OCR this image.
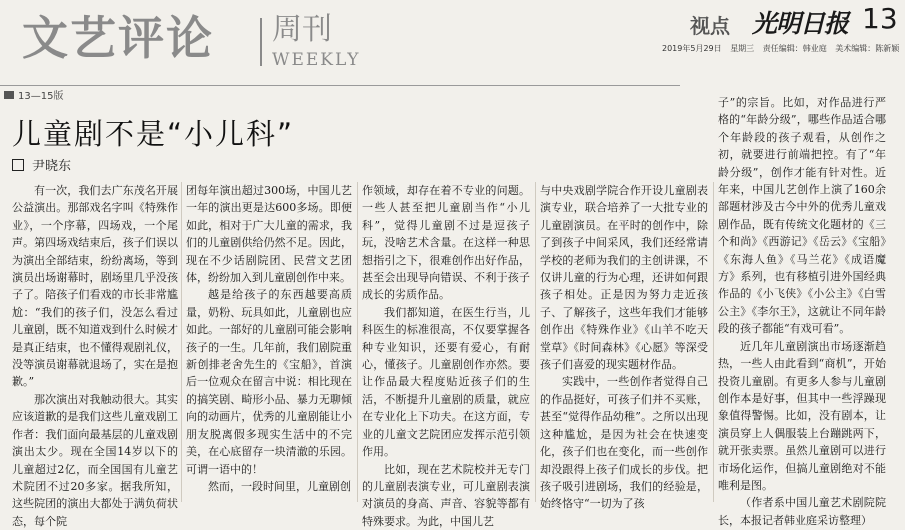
文艺评论 周刊
WEEKLY
视点 光明日报 13
2019年5月29日 星期三 责任编辑：韩业庭 美术编辑：陈新颖
13—15版
儿童剧不是“小儿科”
尹晓东

有一次，我们去广东茂名开展公益演出。那部戏名字叫《特殊作业》，一个序幕，四场戏，一个尾声。第四场戏结束后，孩子们误以为演出全部结束，纷纷离场，等到演员出场谢幕时，剧场里几乎没孩子了。陪孩子们看戏的市长非常尴尬：“我们的孩子们，没怎么看过儿童剧，既不知道戏到什么时候才是真正结束，也不懂得观剧礼仪，没等演员谢幕就退场了，实在是抱歉。”

那次演出对我触动很大。其实应该道歉的是我们这些儿童戏剧工作者：我们面向最基层的儿童戏剧演出太少。现在全国14岁以下的儿童超过2亿，而全国国有儿童艺术院团不过20多家。据我所知，这些院团的演出大都处于满负荷状态，每个院

团每年演出超过300场，中国儿艺一年的演出更是达600多场。即便如此，相对于广大儿童的需求，我们的儿童剧供给仍然不足。因此，现在不少话剧院团、民营文艺团体，纷纷加入到儿童剧创作中来。

越是给孩子的东西越要高质量，奶粉、玩具如此，儿童剧也应如此。一部好的儿童剧可能会影响孩子的一生。几年前，我们剧院重新创排老舍先生的《宝船》，首演后一位观众在留言中说：相比现在的搞笑剧、畸形小品、暴力无聊倾向的动画片，优秀的儿童剧能让小朋友脱离假多现实生活中的不完美，在心底留存一块清澈的乐园。可谓一语中的！

然而，一段时间里，儿童剧创

作领域，却存在着不专业的问题。一些人甚至把儿童剧当作“小儿科”，觉得儿童剧不过是逗孩子玩，没啥艺术含量。在这样一种思想指引之下，很难创作出好作品，甚至会出现导向错误、不利于孩子成长的劣质作品。

我们都知道，在医生行当，儿科医生的标准很高，不仅要掌握各种专业知识，还要有爱心，有耐心，懂孩子。儿童剧创作亦然。要让作品最大程度贴近孩子们的生活，不断提升儿童剧的质量，就应在专业化上下功夫。在这方面，专业的儿童文艺院团应发挥示范引领作用。

比如，现在艺术院校并无专门的儿童剧表演专业，可儿童剧表演对演员的身高、声音、容貌等都有特殊要求。为此，中国儿艺

与中央戏剧学院合作开设儿童剧表演专业，联合培养了一大批专业的儿童剧演员。在平时的创作中，除了到孩子中间采风，我们还经常请学校的老师为我们的主创讲课，不仅讲儿童的行为心理，还讲如何跟孩子相处。正是因为努力走近孩子、了解孩子，这些年我们才能够创作出《特殊作业》《山羊不吃天堂草》《时间森林》《心愿》等深受孩子们喜爱的现实题材作品。

实践中，一些创作者觉得自己的作品挺好，可孩子们并不买账，甚至“觉得作品幼稚”。之所以出现这种尴尬，是因为社会在快速变化，孩子们也在变化，而一些创作却没跟得上孩子们成长的步伐。把孩子吸引进剧场，我们的经验是，始终恪守“一切为了孩

子”的宗旨。比如，对作品进行严格的“年龄分级”，哪些作品适合哪个年龄段的孩子观看，从创作之初，就要进行前端把控。有了“年龄分级”，创作才能有针对性。近年来，中国儿艺创作上演了160余部题材涉及古今中外的优秀儿童戏剧作品，既有传统文化题材的《三个和尚》《西游记》《岳云》《宝船》《东海人鱼》《马兰花》《成语魔方》系列，也有移植引进外国经典作品的《小飞侠》《小公主》《白雪公主》《李尔王》，这就让不同年龄段的孩子都能“有戏可看”。

近几年儿童剧演出市场逐渐趋热，一些人由此看到“商机”，开始投资儿童剧。有更多人参与儿童剧创作本是好事，但其中一些浮躁现象值得警惕。比如，没有剧本，让演员穿上人偶服装上台蹦跳两下，就开张卖票。虽然儿童剧可以进行市场化运作，但搞儿童剧绝对不能唯利是图。

（作者系中国儿童艺术剧院院长，本报记者韩业庭采访整理）
